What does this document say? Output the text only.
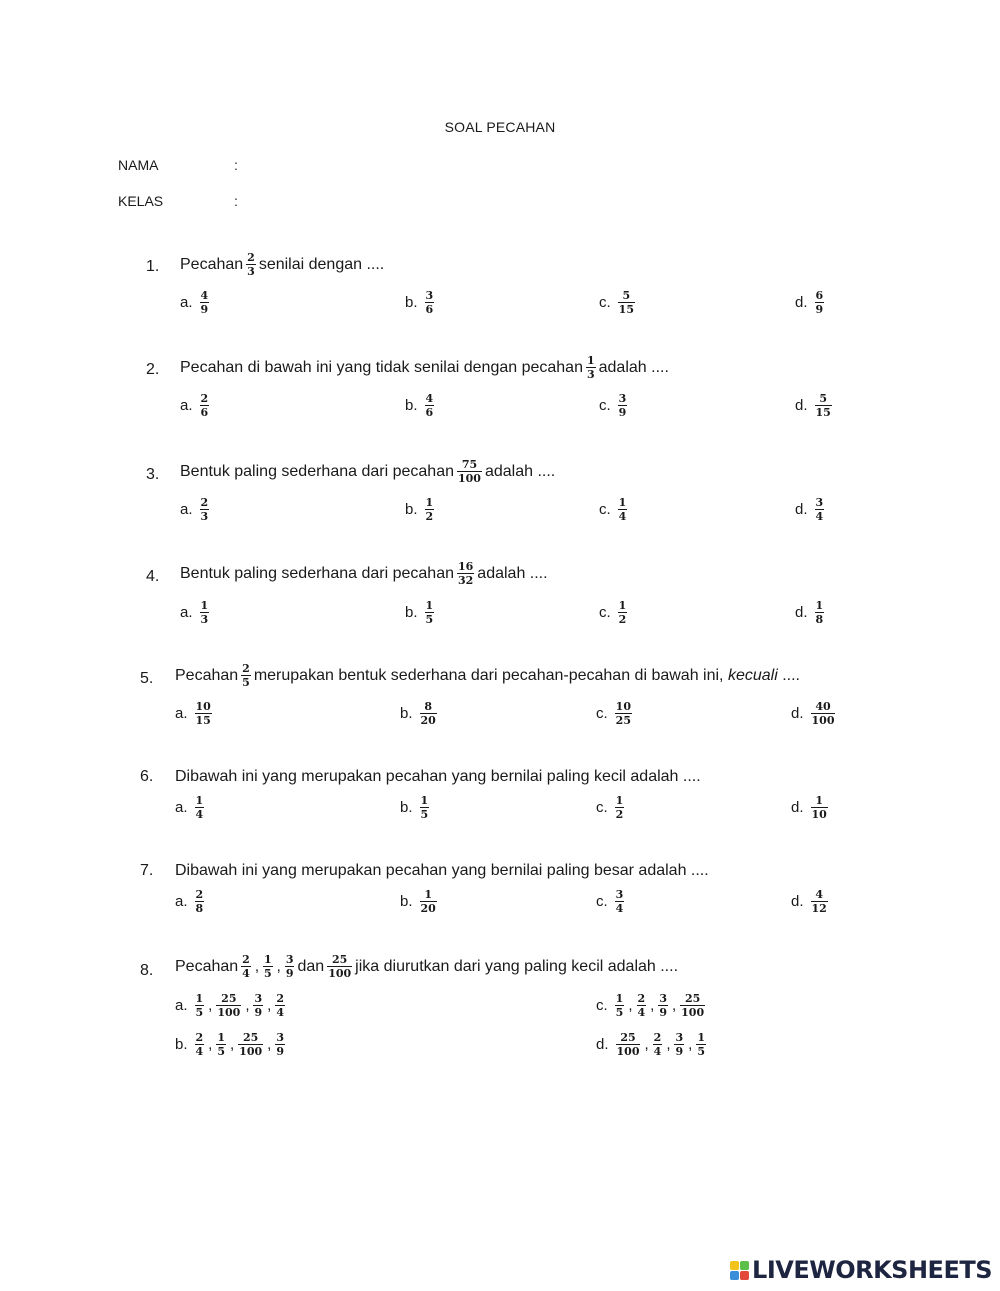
SOAL PECAHAN
NAMA	:
KELAS	:
1. Pecahan $\frac{2}{3}$ senilai dengan ....
a. $\frac{4}{9}$	b. $\frac{3}{6}$	c. $\frac{5}{15}$	d. $\frac{6}{9}$
2. Pecahan di bawah ini yang tidak senilai dengan pecahan $\frac{1}{3}$ adalah ....
a. $\frac{2}{6}$	b. $\frac{4}{6}$	c. $\frac{3}{9}$	d. $\frac{5}{15}$
3. Bentuk paling sederhana dari pecahan $\frac{75}{100}$ adalah ....
a. $\frac{2}{3}$	b. $\frac{1}{2}$	c. $\frac{1}{4}$	d. $\frac{3}{4}$
4. Bentuk paling sederhana dari pecahan $\frac{16}{32}$ adalah ....
a. $\frac{1}{3}$	b. $\frac{1}{5}$	c. $\frac{1}{2}$	d. $\frac{1}{8}$
5. Pecahan $\frac{2}{5}$ merupakan bentuk sederhana dari pecahan-pecahan di bawah ini,
kecuali
....
a. $\frac{10}{15}$	b. $\frac{8}{20}$	c. $\frac{10}{25}$	d. $\frac{40}{100}$
6. Dibawah ini yang merupakan pecahan yang bernilai paling kecil adalah ....
a. $\frac{1}{4}$	b. $\frac{1}{5}$	c. $\frac{1}{2}$	d. $\frac{1}{10}$
7. Dibawah ini yang merupakan pecahan yang bernilai paling besar adalah ....
a. $\frac{2}{8}$	b. $\frac{1}{20}$	c. $\frac{3}{4}$	d. $\frac{4}{12}$
8. Pecahan $\frac{2}{4}$ , $\frac{1}{5}$ , $\frac{3}{9}$ dan $\frac{25}{100}$ jika diurutkan dari yang paling kecil adalah ....
a. $\frac{1}{5}$ , $\frac{25}{100}$ , $\frac{3}{9}$ , $\frac{2}{4}$
b. $\frac{2}{4}$ , $\frac{1}{5}$ , $\frac{25}{100}$ , $\frac{3}{9}$
c. $\frac{1}{5}$ , $\frac{2}{4}$ , $\frac{3}{9}$ , $\frac{25}{100}$
d. $\frac{25}{100}$ , $\frac{2}{4}$ , $\frac{3}{9}$ , $\frac{1}{5}$
LIVEWORKSHEETS
